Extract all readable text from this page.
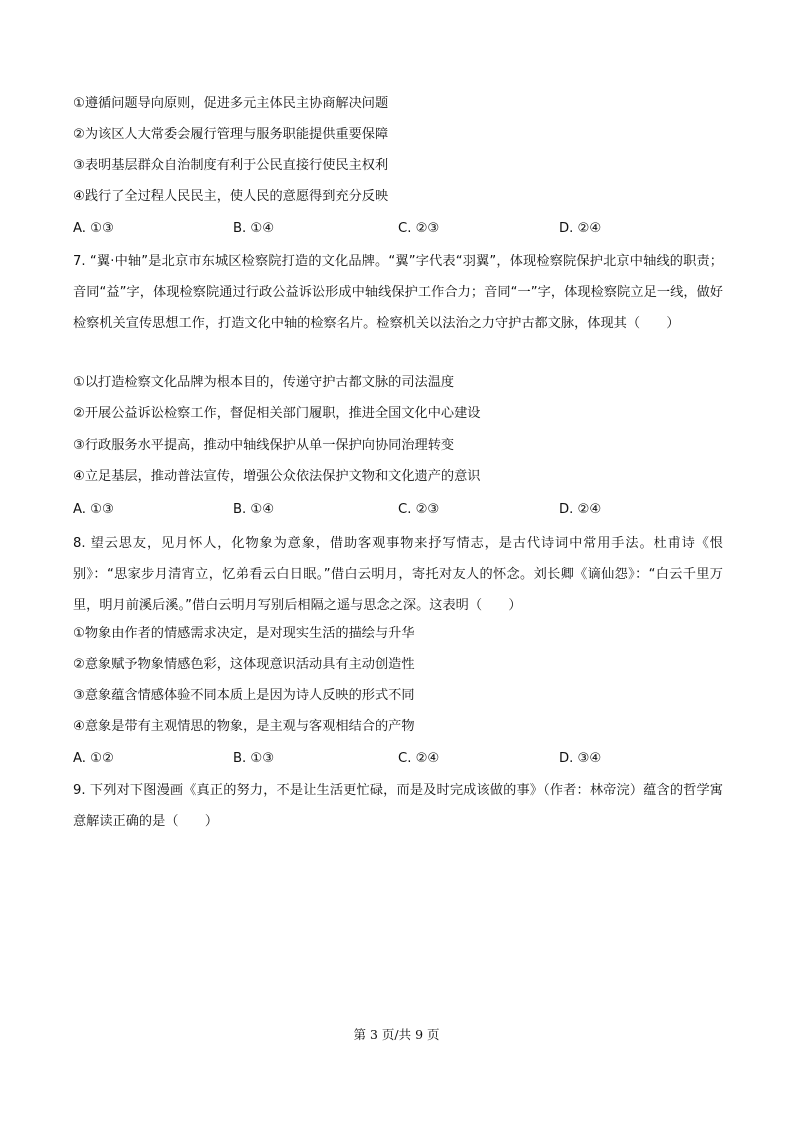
①遵循问题导向原则，促进多元主体民主协商解决问题
②为该区人大常委会履行管理与服务职能提供重要保障
③表明基层群众自治制度有利于公民直接行使民主权利
④践行了全过程人民民主，使人民的意愿得到充分反映
A. ①③	B. ①④	C. ②③	D. ②④
7. “翼·中轴”是北京市东城区检察院打造的文化品牌。“翼”字代表“羽翼”，体现检察院保护北京中轴线的职责；音同“益”字，体现检察院通过行政公益诉讼形成中轴线保护工作合力；音同“一”字，体现检察院立足一线，做好检察机关宣传思想工作，打造文化中轴的检察名片。检察机关以法治之力守护古都文脉，体现其（　　）
①以打造检察文化品牌为根本目的，传递守护古都文脉的司法温度
②开展公益诉讼检察工作，督促相关部门履职，推进全国文化中心建设
③行政服务水平提高，推动中轴线保护从单一保护向协同治理转变
④立足基层，推动普法宣传，增强公众依法保护文物和文化遗产的意识
A. ①③	B. ①④	C. ②③	D. ②④
8. 望云思友，见月怀人，化物象为意象，借助客观事物来抒写情志，是古代诗词中常用手法。杜甫诗《恨别》：“思家步月清宵立，忆弟看云白日眠。”借白云明月，寄托对友人的怀念。刘长卿《谪仙怨》：“白云千里万里，明月前溪后溪。”借白云明月写别后相隔之遥与思念之深。这表明（　　）
①物象由作者的情感需求决定，是对现实生活的描绘与升华
②意象赋予物象情感色彩，这体现意识活动具有主动创造性
③意象蕴含情感体验不同本质上是因为诗人反映的形式不同
④意象是带有主观情思的物象，是主观与客观相结合的产物
A. ①②	B. ①③	C. ②④	D. ③④
9. 下列对下图漫画《真正的努力，不是让生活更忙碌，而是及时完成该做的事》（作者：林帝浣）蕴含的哲学寓意解读正确的是（　　）
第 3 页/共 9 页
